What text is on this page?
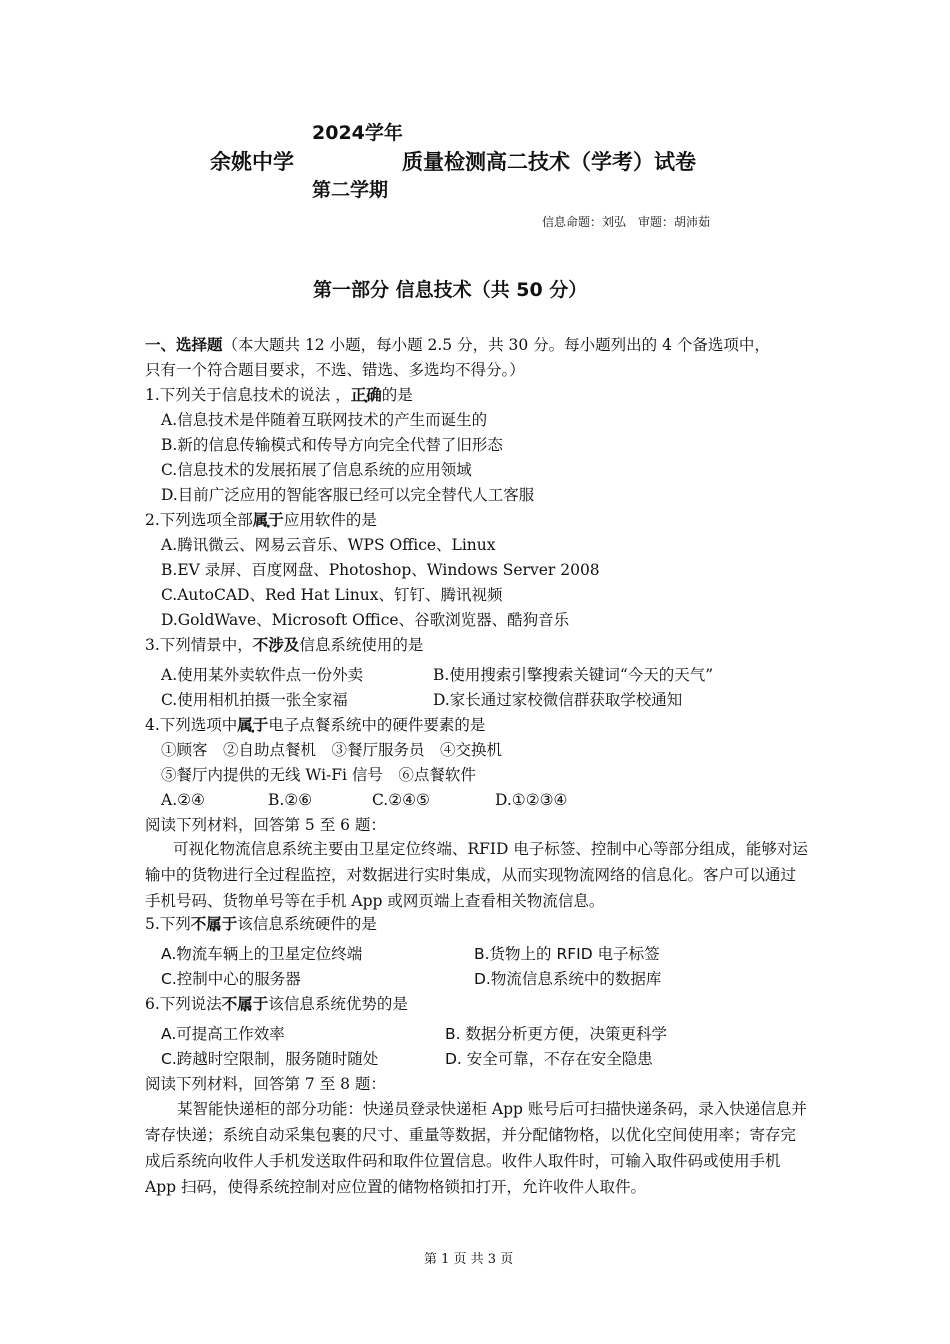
2024学年
余姚中学	质量检测高二技术（学考）试卷
第二学期
信息命题：刘弘　审题：胡沛茹
第一部分 信息技术（共 50 分）
一、选择题（本大题共 12 小题，每小题 2.5 分，共 30 分。每小题列出的 4 个备选项中，
只有一个符合题目要求，不选、错选、多选均不得分。）
1.下列关于信息技术的说法 ，正确的是
A.信息技术是伴随着互联网技术的产生而诞生的
B.新的信息传输模式和传导方向完全代替了旧形态
C.信息技术的发展拓展了信息系统的应用领域
D.目前广泛应用的智能客服已经可以完全替代人工客服
2.下列选项全部属于应用软件的是
A.腾讯微云、网易云音乐、WPS Office、Linux
B.EV 录屏、百度网盘、Photoshop、Windows Server 2008
C.AutoCAD、Red Hat Linux、钉钉、腾讯视频
D.GoldWave、Microsoft Office、谷歌浏览器、酷狗音乐
3.下列情景中，不涉及信息系统使用的是
A.使用某外卖软件点一份外卖	B.使用搜索引擎搜索关键词“今天的天气”
C.使用相机拍摄一张全家福	D.家长通过家校微信群获取学校通知
4.下列选项中属于电子点餐系统中的硬件要素的是
①顾客　②自助点餐机　③餐厅服务员　④交换机
⑤餐厅内提供的无线 Wi-Fi 信号　⑥点餐软件
A.②④	B.②⑥	C.②④⑤	D.①②③④
阅读下列材料，回答第 5 至 6 题：
可视化物流信息系统主要由卫星定位终端、RFID 电子标签、控制中心等部分组成，能够对运输中的货物进行全过程监控，对数据进行实时集成，从而实现物流网络的信息化。客户可以通过手机号码、货物单号等在手机 App 或网页端上查看相关物流信息。
5.下列不属于该信息系统硬件的是
A.物流车辆上的卫星定位终端	B.货物上的 RFID 电子标签
C.控制中心的服务器	D.物流信息系统中的数据库
6.下列说法不属于该信息系统优势的是
A.可提高工作效率	B. 数据分析更方便，决策更科学
C.跨越时空限制，服务随时随处	D. 安全可靠，不存在安全隐患
阅读下列材料，回答第 7 至 8 题：
某智能快递柜的部分功能：快递员登录快递柜 App 账号后可扫描快递条码，录入快递信息并寄存快递；系统自动采集包裹的尺寸、重量等数据，并分配储物格，以优化空间使用率；寄存完成后系统向收件人手机发送取件码和取件位置信息。收件人取件时，可输入取件码或使用手机 App 扫码，使得系统控制对应位置的储物格锁扣打开，允许收件人取件。
第 1 页 共 3 页
